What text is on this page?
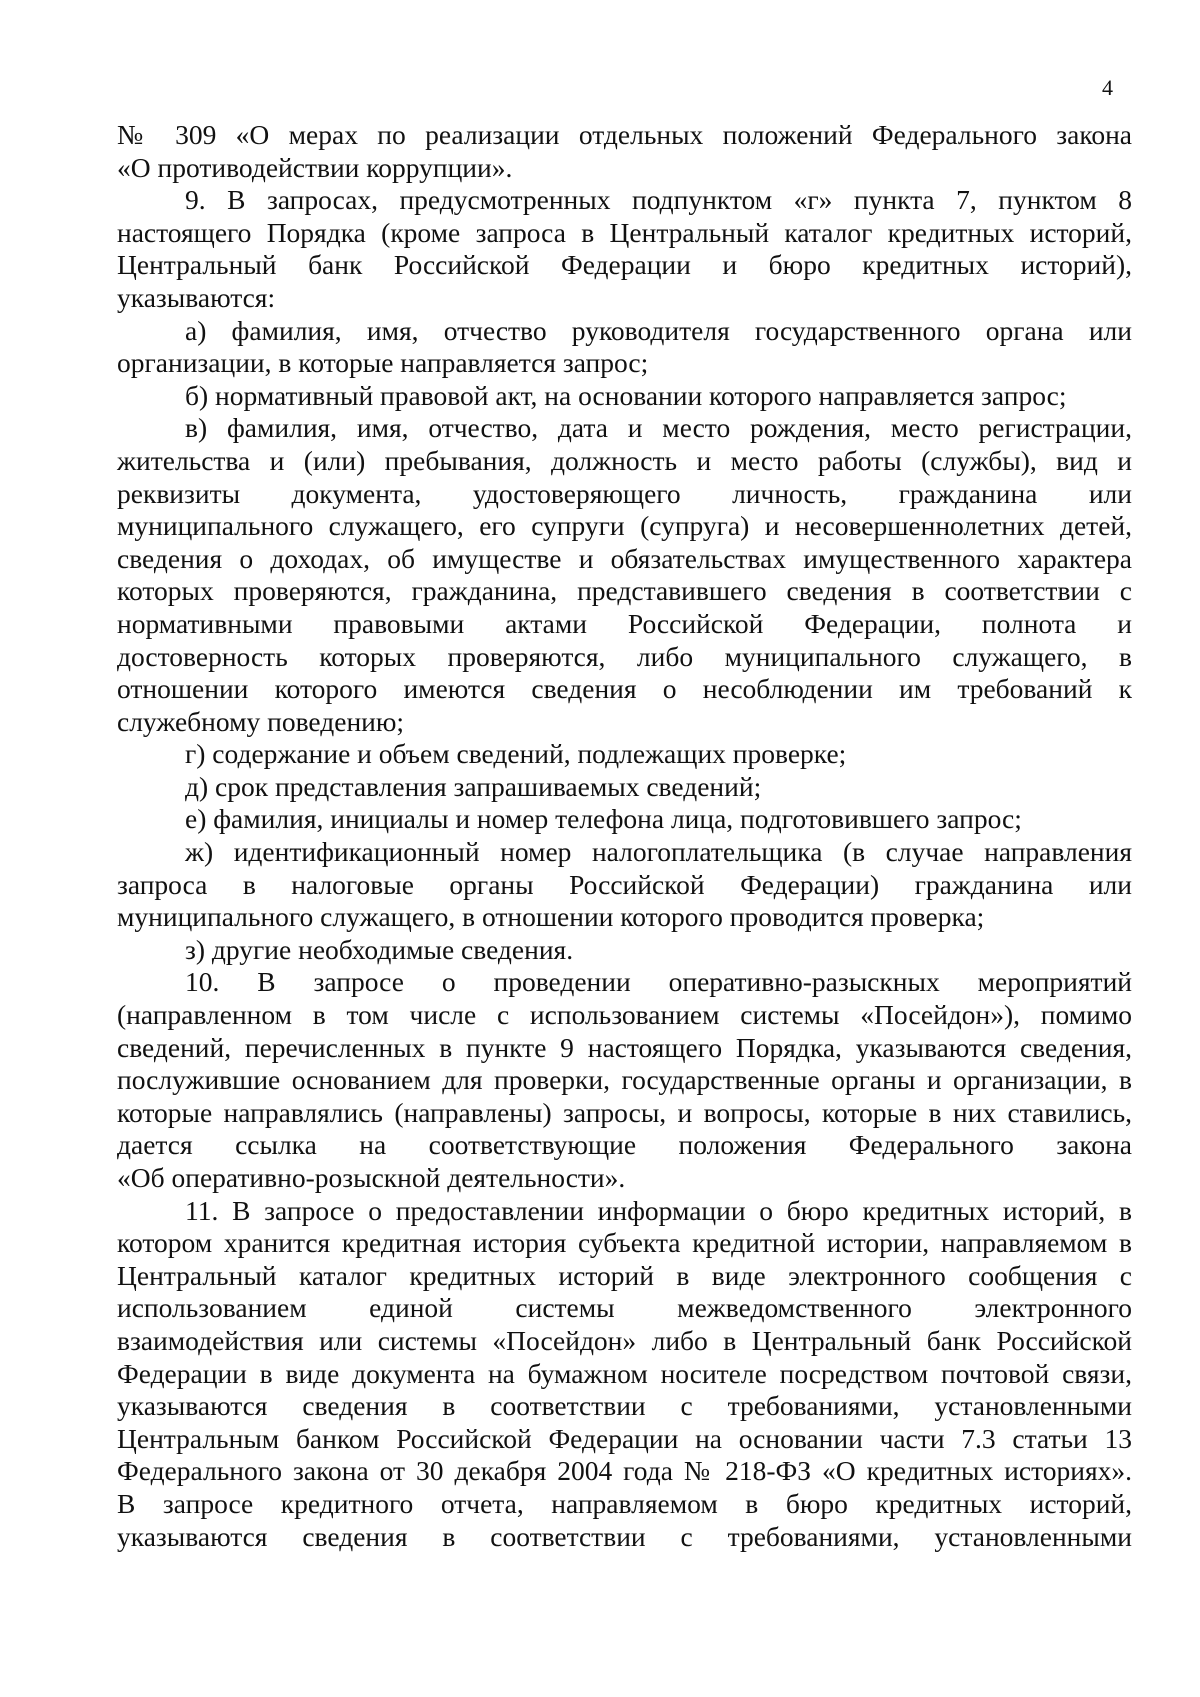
4
№ 309 «О мерах по реализации отдельных положений Федерального закона
«О противодействии коррупции».
9. В запросах, предусмотренных подпунктом «г» пункта 7, пунктом 8
настоящего Порядка (кроме запроса в Центральный каталог кредитных историй,
Центральный банк Российской Федерации и бюро кредитных историй),
указываются:
а) фамилия, имя, отчество руководителя государственного органа или
организации, в которые направляется запрос;
б) нормативный правовой акт, на основании которого направляется запрос;
в) фамилия, имя, отчество, дата и место рождения, место регистрации,
жительства и (или) пребывания, должность и место работы (службы), вид и
реквизиты документа, удостоверяющего личность, гражданина или
муниципального служащего, его супруги (супруга) и несовершеннолетних детей,
сведения о доходах, об имуществе и обязательствах имущественного характера
которых проверяются, гражданина, представившего сведения в соответствии с
нормативными правовыми актами Российской Федерации, полнота и
достоверность которых проверяются, либо муниципального служащего, в
отношении которого имеются сведения о несоблюдении им требований к
служебному поведению;
г) содержание и объем сведений, подлежащих проверке;
д) срок представления запрашиваемых сведений;
е) фамилия, инициалы и номер телефона лица, подготовившего запрос;
ж) идентификационный номер налогоплательщика (в случае направления
запроса в налоговые органы Российской Федерации) гражданина или
муниципального служащего, в отношении которого проводится проверка;
з) другие необходимые сведения.
10. В запросе о проведении оперативно-разыскных мероприятий
(направленном в том числе с использованием системы «Посейдон»), помимо
сведений, перечисленных в пункте 9 настоящего Порядка, указываются сведения,
послужившие основанием для проверки, государственные органы и организации, в
которые направлялись (направлены) запросы, и вопросы, которые в них ставились,
дается ссылка на соответствующие положения Федерального закона
«Об оперативно-розыскной деятельности».
11. В запросе о предоставлении информации о бюро кредитных историй, в
котором хранится кредитная история субъекта кредитной истории, направляемом в
Центральный каталог кредитных историй в виде электронного сообщения с
использованием единой системы межведомственного электронного
взаимодействия или системы «Посейдон» либо в Центральный банк Российской
Федерации в виде документа на бумажном носителе посредством почтовой связи,
указываются сведения в соответствии с требованиями, установленными
Центральным банком Российской Федерации на основании части 7.3 статьи 13
Федерального закона от 30 декабря 2004 года № 218-ФЗ «О кредитных историях».
В запросе кредитного отчета, направляемом в бюро кредитных историй,
указываются сведения в соответствии с требованиями, установленными
